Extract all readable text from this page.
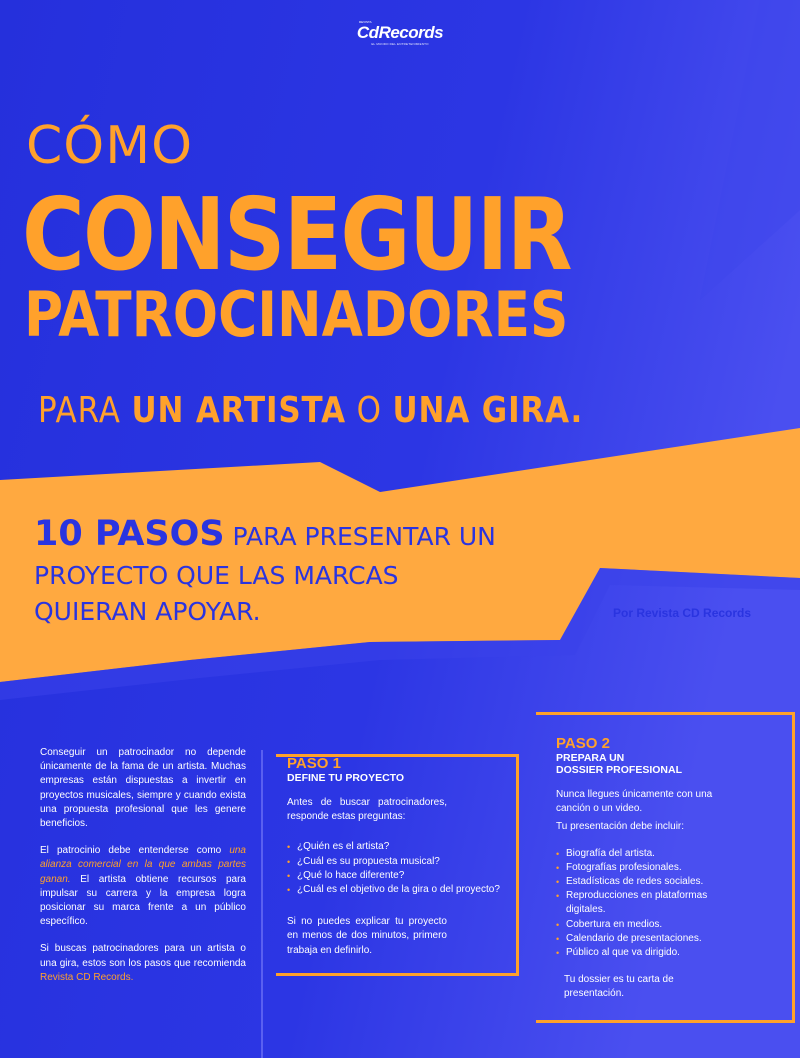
REVISTA
CdRecords
EL MUNDO DEL ENTRETENIMIENTO
CÓMO
CONSEGUIR
PATROCINADORES
PARA UN ARTISTA O UNA GIRA.
10 PASOS PARA PRESENTAR UN
PROYECTO QUE LAS MARCAS
QUIERAN APOYAR.	Por Revista CD Records

Conseguir un patrocinador no depende únicamente de la fama de un artista. Muchas empresas están dispuestas a invertir en proyectos musicales, siempre y cuando exista una propuesta profesional que les genere beneficios.

El patrocinio debe entenderse como una alianza comercial en la que ambas partes ganan. El artista obtiene recursos para impulsar su carrera y la empresa logra posicionar su marca frente a un público específico.

Si buscas patrocinadores para un artista o una gira, estos son los pasos que recomienda Revista CD Records.

PASO 1
DEFINE TU PROYECTO
Antes de buscar patrocinadores, responde estas preguntas:
• ¿Quién es el artista?
• ¿Cuál es su propuesta musical?
• ¿Qué lo hace diferente?
• ¿Cuál es el objetivo de la gira o del proyecto?
Si no puedes explicar tu proyecto en menos de dos minutos, primero trabaja en definirlo.
PASO 2
PREPARA UN
DOSSIER PROFESIONAL
Nunca llegues únicamente con una canción o un video.
Tu presentación debe incluir:
• Biografía del artista.
• Fotografías profesionales.
• Estadísticas de redes sociales.
• Reproducciones en plataformas digitales.
• Cobertura en medios.
• Calendario de presentaciones.
• Público al que va dirigido.
Tu dossier es tu carta de presentación.
